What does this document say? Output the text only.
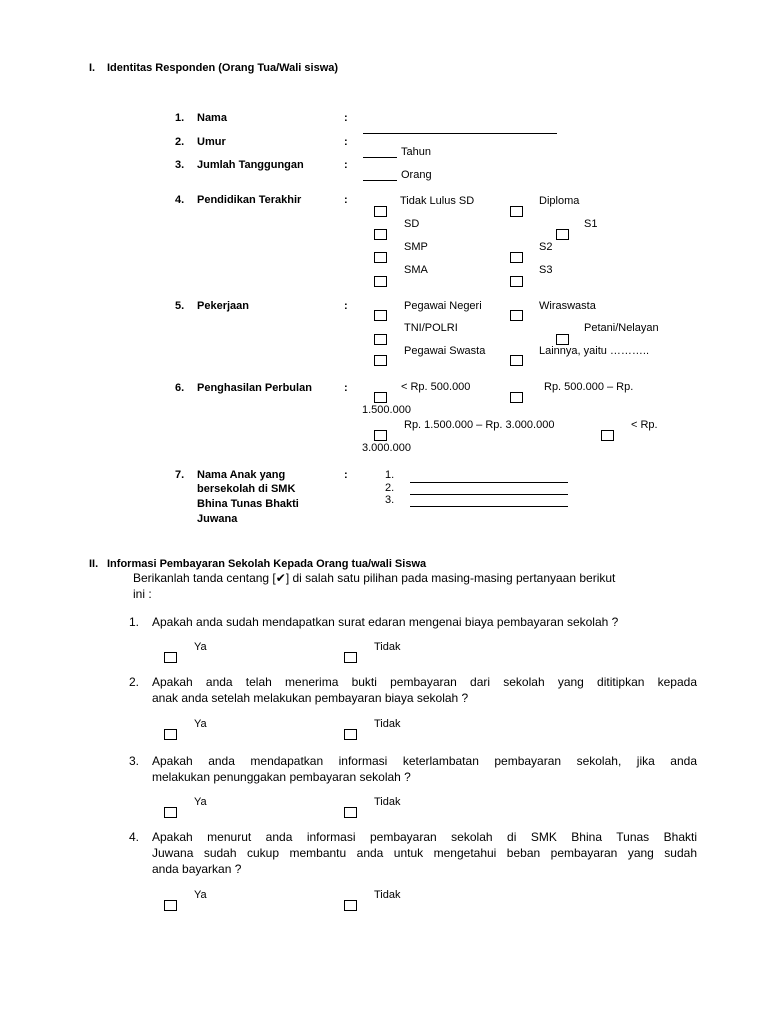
I. Identitas Responden (Orang Tua/Wali siswa)
1. Nama	:
2. Umur	:
Tahun
3. Jumlah Tanggungan	:
Orang
4. Pendidikan Terakhir	:	Tidak Lulus SD	Diploma
SD	S1
SMP	S2
SMA	S3
5. Pekerjaan	:	Pegawai Negeri	Wiraswasta
TNI/POLRI	Petani/Nelayan
Pegawai Swasta	Lainnya, yaitu ………..
6. Penghasilan Perbulan	:	< Rp. 500.000	Rp. 500.000 – Rp.
1.500.000
Rp. 1.500.000 – Rp. 3.000.000	< Rp.
3.000.000
7. Nama Anak yang
bersekolah di SMK
Bhina Tunas Bhakti
Juwana
:	1.
2.
3.
II. Informasi Pembayaran Sekolah Kepada Orang tua/wali Siswa
Berikanlah tanda centang [✔] di salah satu pilihan pada masing-masing pertanyaan berikut
ini :
1. Apakah anda sudah mendapatkan surat edaran mengenai biaya pembayaran sekolah ?
Ya	Tidak
2. Apakah anda telah menerima bukti pembayaran dari sekolah yang dititipkan kepada
anak anda setelah melakukan pembayaran biaya sekolah ?
Ya	Tidak
3. Apakah anda mendapatkan informasi keterlambatan pembayaran sekolah, jika anda
melakukan penunggakan pembayaran sekolah ?
Ya	Tidak
4. Apakah menurut anda informasi pembayaran sekolah di SMK Bhina Tunas Bhakti
Juwana sudah cukup membantu anda untuk mengetahui beban pembayaran yang sudah
anda bayarkan ?
Ya	Tidak
